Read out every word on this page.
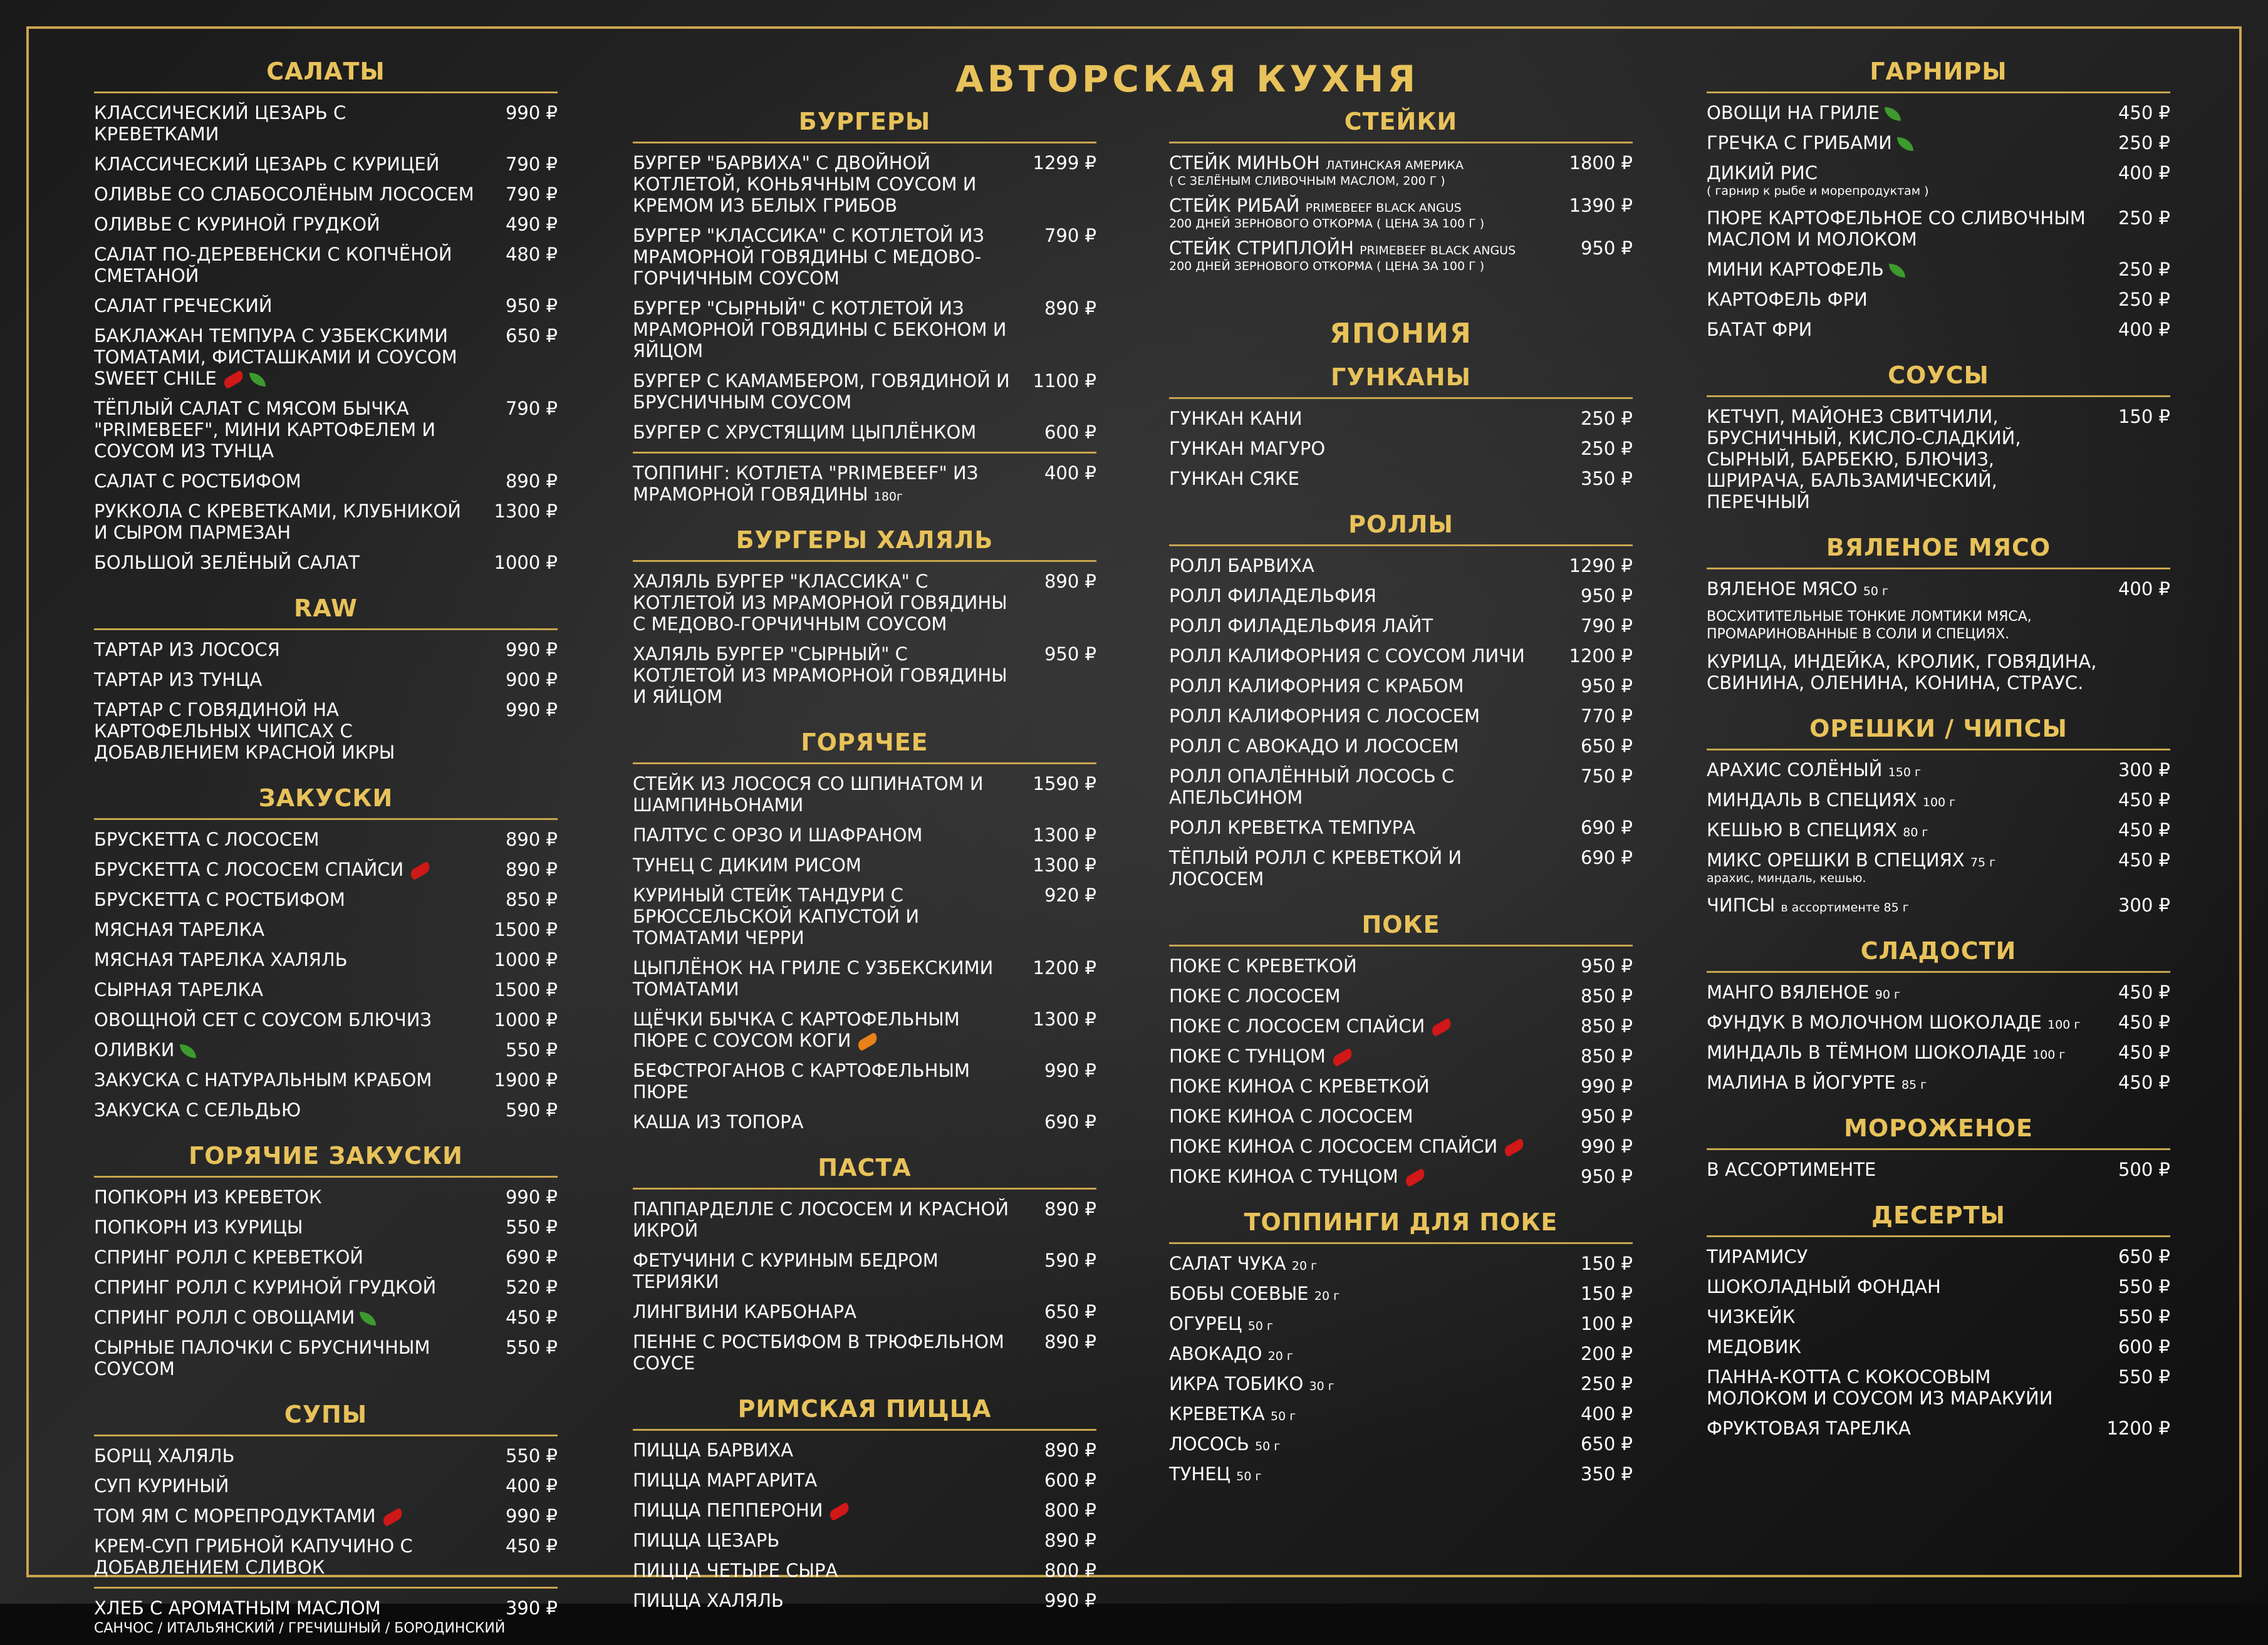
АВТОРСКАЯ КУХНЯ
САЛАТЫ
КЛАССИЧЕСКИЙ ЦЕЗАРЬ С КРЕВЕТКАМИ
990 ₽
КЛАССИЧЕСКИЙ ЦЕЗАРЬ С КУРИЦЕЙ	790 ₽
ОЛИВЬЕ СО СЛАБОСОЛЁНЫМ ЛОСОСЕМ	790 ₽
ОЛИВЬЕ С КУРИНОЙ ГРУДКОЙ	490 ₽
САЛАТ ПО-ДЕРЕВЕНСКИ С КОПЧЁНОЙ СМЕТАНОЙ
480 ₽
САЛАТ ГРЕЧЕСКИЙ	950 ₽
БАКЛАЖАН ТЕМПУРА С УЗБЕКСКИМИ ТОМАТАМИ, ФИСТАШКАМИ И СОУСОМ SWEET CHILE
650 ₽
ТЁПЛЫЙ САЛАТ С МЯСОМ БЫЧКА "PRIMEBEEF", МИНИ КАРТОФЕЛЕМ И СОУСОМ ИЗ ТУНЦА
790 ₽
САЛАТ С РОСТБИФОМ	890 ₽
РУККОЛА С КРЕВЕТКАМИ, КЛУБНИКОЙ И СЫРОМ ПАРМЕЗАН
1300 ₽
БОЛЬШОЙ ЗЕЛЁНЫЙ САЛАТ	1000 ₽
RAW
ТАРТАР ИЗ ЛОСОСЯ	990 ₽
ТАРТАР ИЗ ТУНЦА	900 ₽
ТАРТАР С ГОВЯДИНОЙ НА КАРТОФЕЛЬНЫХ ЧИПСАХ С ДОБАВЛЕНИЕМ КРАСНОЙ ИКРЫ
990 ₽
ЗАКУСКИ
БРУСКЕТТА С ЛОСОСЕМ	890 ₽
БРУСКЕТТА С ЛОСОСЕМ СПАЙСИ	890 ₽
БРУСКЕТТА С РОСТБИФОМ	850 ₽
МЯСНАЯ ТАРЕЛКА	1500 ₽
МЯСНАЯ ТАРЕЛКА ХАЛЯЛЬ	1000 ₽
СЫРНАЯ ТАРЕЛКА	1500 ₽
ОВОЩНОЙ СЕТ С СОУСОМ БЛЮЧИЗ	1000 ₽
ОЛИВКИ	550 ₽
ЗАКУСКА С НАТУРАЛЬНЫМ КРАБОМ	1900 ₽
ЗАКУСКА С СЕЛЬДЬЮ	590 ₽
ГОРЯЧИЕ ЗАКУСКИ
ПОПКОРН ИЗ КРЕВЕТОК	990 ₽
ПОПКОРН ИЗ КУРИЦЫ	550 ₽
СПРИНГ РОЛЛ С КРЕВЕТКОЙ	690 ₽
СПРИНГ РОЛЛ С КУРИНОЙ ГРУДКОЙ	520 ₽
СПРИНГ РОЛЛ С ОВОЩАМИ	450 ₽
СЫРНЫЕ ПАЛОЧКИ С БРУСНИЧНЫМ СОУСОМ
550 ₽
СУПЫ
БОРЩ ХАЛЯЛЬ	550 ₽
СУП КУРИНЫЙ	400 ₽
ТОМ ЯМ С МОРЕПРОДУКТАМИ	990 ₽
КРЕМ-СУП ГРИБНОЙ КАПУЧИНО С ДОБАВЛЕНИЕМ СЛИВОК
450 ₽
ХЛЕБ С АРОМАТНЫМ МАСЛОМ	390 ₽
САНЧОС / ИТАЛЬЯНСКИЙ / ГРЕЧИШНЫЙ / БОРОДИНСКИЙ
БУРГЕРЫ
БУРГЕР "БАРВИХА" С ДВОЙНОЙ КОТЛЕТОЙ, КОНЬЯЧНЫМ СОУСОМ И КРЕМОМ ИЗ БЕЛЫХ ГРИБОВ
1299 ₽
БУРГЕР "КЛАССИКА" С КОТЛЕТОЙ ИЗ МРАМОРНОЙ ГОВЯДИНЫ С МЕДОВО-ГОРЧИЧНЫМ СОУСОМ
790 ₽
БУРГЕР "СЫРНЫЙ" С КОТЛЕТОЙ ИЗ МРАМОРНОЙ ГОВЯДИНЫ С БЕКОНОМ И ЯЙЦОМ
890 ₽
БУРГЕР С КАМАМБЕРОМ, ГОВЯДИНОЙ И БРУСНИЧНЫМ СОУСОМ
1100 ₽
БУРГЕР С ХРУСТЯЩИМ ЦЫПЛЁНКОМ	600 ₽
ТОППИНГ: КОТЛЕТА "PRIMEBEEF" ИЗ МРАМОРНОЙ ГОВЯДИНЫ 180г
400 ₽
БУРГЕРЫ ХАЛЯЛЬ
ХАЛЯЛЬ БУРГЕР "КЛАССИКА" С КОТЛЕТОЙ ИЗ МРАМОРНОЙ ГОВЯДИНЫ С МЕДОВО-ГОРЧИЧНЫМ СОУСОМ
890 ₽
ХАЛЯЛЬ БУРГЕР "СЫРНЫЙ" С КОТЛЕТОЙ ИЗ МРАМОРНОЙ ГОВЯДИНЫ И ЯЙЦОМ
950 ₽
ГОРЯЧЕЕ
СТЕЙК ИЗ ЛОСОСЯ СО ШПИНАТОМ И ШАМПИНЬОНАМИ
1590 ₽
ПАЛТУС С ОРЗО И ШАФРАНОМ	1300 ₽
ТУНЕЦ С ДИКИМ РИСОМ	1300 ₽
КУРИНЫЙ СТЕЙК ТАНДУРИ С БРЮССЕЛЬСКОЙ КАПУСТОЙ И ТОМАТАМИ ЧЕРРИ
920 ₽
ЦЫПЛЁНОК НА ГРИЛЕ С УЗБЕКСКИМИ ТОМАТАМИ
1200 ₽
ЩЁЧКИ БЫЧКА С КАРТОФЕЛЬНЫМ ПЮРЕ С СОУСОМ КОГИ
1300 ₽
БЕФСТРОГАНОВ С КАРТОФЕЛЬНЫМ ПЮРЕ
990 ₽
КАША ИЗ ТОПОРА	690 ₽
ПАСТА
ПАППАРДЕЛЛЕ С ЛОСОСЕМ И КРАСНОЙ ИКРОЙ
890 ₽
ФЕТУЧИНИ С КУРИНЫМ БЕДРОМ ТЕРИЯКИ
590 ₽
ЛИНГВИНИ КАРБОНАРА	650 ₽
ПЕННЕ С РОСТБИФОМ В ТРЮФЕЛЬНОМ СОУСЕ
890 ₽
РИМСКАЯ ПИЦЦА
ПИЦЦА БАРВИХА	890 ₽
ПИЦЦА МАРГАРИТА	600 ₽
ПИЦЦА ПЕППЕРОНИ	800 ₽
ПИЦЦА ЦЕЗАРЬ	890 ₽
ПИЦЦА ЧЕТЫРЕ СЫРА	800 ₽
ПИЦЦА ХАЛЯЛЬ	990 ₽
СТЕЙКИ
СТЕЙК МИНЬОН ЛАТИНСКАЯ АМЕРИКА
( С ЗЕЛЁНЫМ СЛИВОЧНЫМ МАСЛОМ, 200 Г )
1800 ₽
СТЕЙК РИБАЙ PRIMEBEEF BLACK ANGUS
200 ДНЕЙ ЗЕРНОВОГО ОТКОРМА ( ЦЕНА ЗА 100 Г )
1390 ₽
СТЕЙК СТРИПЛОЙН PRIMEBEEF BLACK ANGUS
200 ДНЕЙ ЗЕРНОВОГО ОТКОРМА ( ЦЕНА ЗА 100 Г )
950 ₽
ЯПОНИЯ
ГУНКАНЫ
ГУНКАН КАНИ	250 ₽
ГУНКАН МАГУРО	250 ₽
ГУНКАН СЯКЕ	350 ₽
РОЛЛЫ
РОЛЛ БАРВИХА	1290 ₽
РОЛЛ ФИЛАДЕЛЬФИЯ	950 ₽
РОЛЛ ФИЛАДЕЛЬФИЯ ЛАЙТ	790 ₽
РОЛЛ КАЛИФОРНИЯ С СОУСОМ ЛИЧИ	1200 ₽
РОЛЛ КАЛИФОРНИЯ С КРАБОМ	950 ₽
РОЛЛ КАЛИФОРНИЯ С ЛОСОСЕМ	770 ₽
РОЛЛ С АВОКАДО И ЛОСОСЕМ	650 ₽
РОЛЛ ОПАЛЁННЫЙ ЛОСОСЬ С АПЕЛЬСИНОМ
750 ₽
РОЛЛ КРЕВЕТКА ТЕМПУРА	690 ₽
ТЁПЛЫЙ РОЛЛ С КРЕВЕТКОЙ И ЛОСОСЕМ
690 ₽
ПОКЕ
ПОКЕ С КРЕВЕТКОЙ	950 ₽
ПОКЕ С ЛОСОСЕМ	850 ₽
ПОКЕ С ЛОСОСЕМ СПАЙСИ	850 ₽
ПОКЕ С ТУНЦОМ	850 ₽
ПОКЕ КИНОА С КРЕВЕТКОЙ	990 ₽
ПОКЕ КИНОА С ЛОСОСЕМ	950 ₽
ПОКЕ КИНОА С ЛОСОСЕМ СПАЙСИ	990 ₽
ПОКЕ КИНОА С ТУНЦОМ	950 ₽
ТОППИНГИ ДЛЯ ПОКЕ
САЛАТ ЧУКА 20 г	150 ₽
БОБЫ СОЕВЫЕ 20 г	150 ₽
ОГУРЕЦ 50 г	100 ₽
АВОКАДО 20 г	200 ₽
ИКРА ТОБИКО 30 г	250 ₽
КРЕВЕТКА 50 г	400 ₽
ЛОСОСЬ 50 г	650 ₽
ТУНЕЦ 50 г	350 ₽
ГАРНИРЫ
ОВОЩИ НА ГРИЛЕ	450 ₽
ГРЕЧКА С ГРИБАМИ	250 ₽
ДИКИЙ РИС
( гарнир к рыбе и морепродуктам )
400 ₽
ПЮРЕ КАРТОФЕЛЬНОЕ СО СЛИВОЧНЫМ МАСЛОМ И МОЛОКОМ
250 ₽
МИНИ КАРТОФЕЛЬ	250 ₽
КАРТОФЕЛЬ ФРИ	250 ₽
БАТАТ ФРИ	400 ₽
СОУСЫ
КЕТЧУП, МАЙОНЕЗ СВИТЧИЛИ, БРУСНИЧНЫЙ, КИСЛО-СЛАДКИЙ, СЫРНЫЙ, БАРБЕКЮ, БЛЮЧИЗ, ШРИРАЧА, БАЛЬЗАМИЧЕСКИЙ, ПЕРЕЧНЫЙ
150 ₽
ВЯЛЕНОЕ МЯСО
ВЯЛЕНОЕ МЯСО 50 г	400 ₽
ВОСХИТИТЕЛЬНЫЕ ТОНКИЕ ЛОМТИКИ МЯСА, ПРОМАРИНОВАННЫЕ В СОЛИ И СПЕЦИЯХ.
КУРИЦА, ИНДЕЙКА, КРОЛИК, ГОВЯДИНА, СВИНИНА, ОЛЕНИНА, КОНИНА, СТРАУС.
ОРЕШКИ / ЧИПСЫ
АРАХИС СОЛЁНЫЙ 150 г	300 ₽
МИНДАЛЬ В СПЕЦИЯХ 100 г	450 ₽
КЕШЬЮ В СПЕЦИЯХ 80 г	450 ₽
МИКС ОРЕШКИ В СПЕЦИЯХ 75 г
арахис, миндаль, кешью.
450 ₽
ЧИПСЫ в ассортименте 85 г	300 ₽
СЛАДОСТИ
МАНГО ВЯЛЕНОЕ 90 г	450 ₽
ФУНДУК В МОЛОЧНОМ ШОКОЛАДЕ 100 г	450 ₽
МИНДАЛЬ В ТЁМНОМ ШОКОЛАДЕ 100 г	450 ₽
МАЛИНА В ЙОГУРТЕ 85 г	450 ₽
МОРОЖЕНОЕ
В АССОРТИМЕНТЕ	500 ₽
ДЕСЕРТЫ
ТИРАМИСУ	650 ₽
ШОКОЛАДНЫЙ ФОНДАН	550 ₽
ЧИЗКЕЙК	550 ₽
МЕДОВИК	600 ₽
ПАННА-КОТТА С КОКОСОВЫМ МОЛОКОМ И СОУСОМ ИЗ МАРАКУЙИ
550 ₽
ФРУКТОВАЯ ТАРЕЛКА	1200 ₽
